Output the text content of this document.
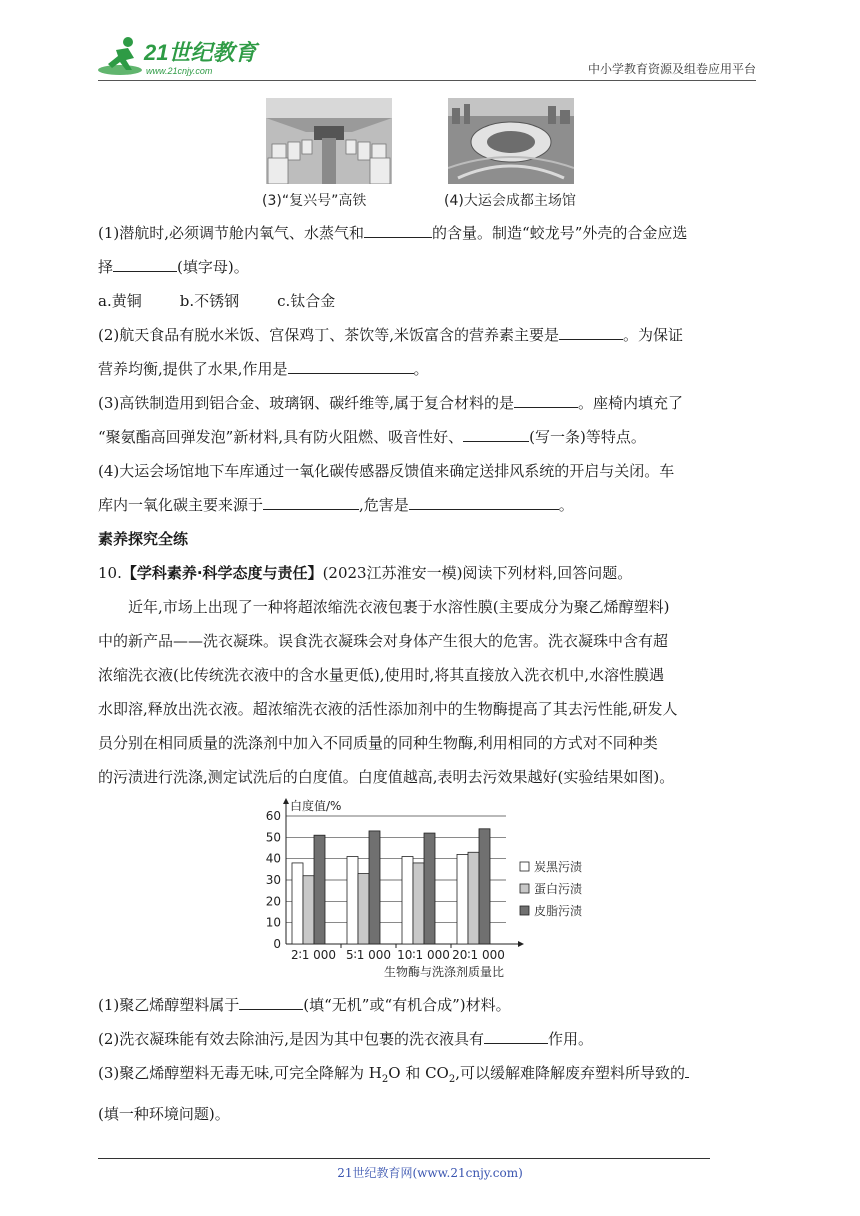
21世纪教育
www.21cnjy.com	中小学教育资源及组卷应用平台
(3)“复兴号”高铁	(4)大运会成都主场馆

(1)潜航时,必须调节舱内氧气、水蒸气和	的含量。制造“蛟龙号”外壳的合金应选

择	(填字母)。

a.黄铜	b.不锈钢	c.钛合金

(2)航天食品有脱水米饭、宫保鸡丁、茶饮等,米饭富含的营养素主要是	。为保证

营养均衡,提供了水果,作用是	。

(3)高铁制造用到铝合金、玻璃钢、碳纤维等,属于复合材料的是	。座椅内填充了

“聚氨酯高回弹发泡”新材料,具有防火阻燃、吸音性好、	(写一条)等特点。

(4)大运会场馆地下车库通过一氧化碳传感器反馈值来确定送排风系统的开启与关闭。车

库内一氧化碳主要来源于	,危害是	。

素养探究全练

10.【学科素养·科学态度与责任】(2023江苏淮安一模)阅读下列材料,回答问题。

近年,市场上出现了一种将超浓缩洗衣液包裹于水溶性膜(主要成分为聚乙烯醇塑料)

中的新产品——洗衣凝珠。误食洗衣凝珠会对身体产生很大的危害。洗衣凝珠中含有超

浓缩洗衣液(比传统洗衣液中的含水量更低),使用时,将其直接放入洗衣机中,水溶性膜遇

水即溶,释放出洗衣液。超浓缩洗衣液的活性添加剂中的生物酶提高了其去污性能,研发人

员分别在相同质量的洗涤剂中加入不同质量的同种生物酶,利用相同的方式对不同种类

的污渍进行洗涤,测定试洗后的白度值。白度值越高,表明去污效果越好(实验结果如图)。

0
10
20
30
40
50
60
白度值/%
生物酶与洗涤剂质量比
2∶1 000 5∶1 000 10∶1 000 20∶1 000
炭黑污渍
蛋白污渍
皮脂污渍

(1)聚乙烯醇塑料属于	(填“无机”或“有机合成”)材料。

(2)洗衣凝珠能有效去除油污,是因为其中包裹的洗衣液具有	作用。

(3)聚乙烯醇塑料无毒无味,可完全降解为 $H_2O$ 和 $CO_2$,可以缓解难降解废弃塑料所导致的

(填一种环境问题)。

21世纪教育网(www.21cnjy.com)
